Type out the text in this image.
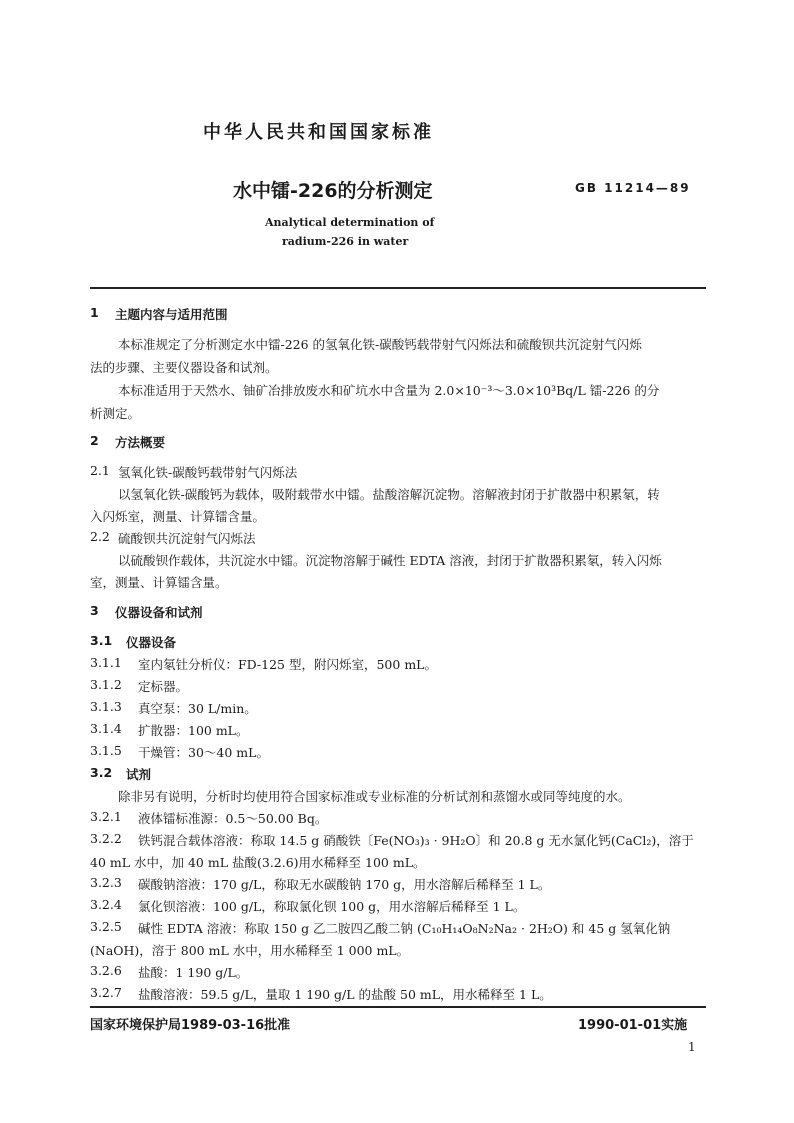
中华人民共和国国家标准
水中镭-226的分析测定	GB 11214—89
Analytical determination of
radium-226 in water
1 主题内容与适用范围
本标准规定了分析测定水中镭-226 的氢氧化铁-碳酸钙载带射气闪烁法和硫酸钡共沉淀射气闪烁
法的步骤、主要仪器设备和试剂。
本标准适用于天然水、铀矿冶排放废水和矿坑水中含量为 2.0×10⁻³～3.0×10³Bq/L 镭-226 的分
析测定。
2 方法概要
2.1 氢氧化铁-碳酸钙载带射气闪烁法
以氢氧化铁-碳酸钙为载体，吸附载带水中镭。盐酸溶解沉淀物。溶解液封闭于扩散器中积累氡，转
入闪烁室，测量、计算镭含量。
2.2 硫酸钡共沉淀射气闪烁法
以硫酸钡作载体，共沉淀水中镭。沉淀物溶解于碱性 EDTA 溶液，封闭于扩散器积累氡，转入闪烁
室，测量、计算镭含量。
3 仪器设备和试剂
3.1 仪器设备
3.1.1 室内氡钍分析仪：FD-125 型，附闪烁室，500 mL。
3.1.2 定标器。
3.1.3 真空泵：30 L/min。
3.1.4 扩散器：100 mL。
3.1.5 干燥管：30～40 mL。
3.2 试剂
除非另有说明，分析时均使用符合国家标准或专业标准的分析试剂和蒸馏水或同等纯度的水。
3.2.1 液体镭标准源：0.5～50.00 Bq。
3.2.2 铁钙混合载体溶液：称取 14.5 g 硝酸铁〔Fe(NO₃)₃ · 9H₂O〕和 20.8 g 无水氯化钙(CaCl₂)，溶于
40 mL 水中，加 40 mL 盐酸(3.2.6)用水稀释至 100 mL。
3.2.3 碳酸钠溶液：170 g/L，称取无水碳酸钠 170 g，用水溶解后稀释至 1 L。
3.2.4 氯化钡溶液：100 g/L，称取氯化钡 100 g，用水溶解后稀释至 1 L。
3.2.5 碱性 EDTA 溶液：称取 150 g 乙二胺四乙酸二钠 (C₁₀H₁₄O₈N₂Na₂ · 2H₂O) 和 45 g 氢氧化钠
(NaOH)，溶于 800 mL 水中，用水稀释至 1 000 mL。
3.2.6 盐酸：1 190 g/L。
3.2.7 盐酸溶液：59.5 g/L，量取 1 190 g/L 的盐酸 50 mL，用水稀释至 1 L。
国家环境保护局1989-03-16批准	1990-01-01实施
1
